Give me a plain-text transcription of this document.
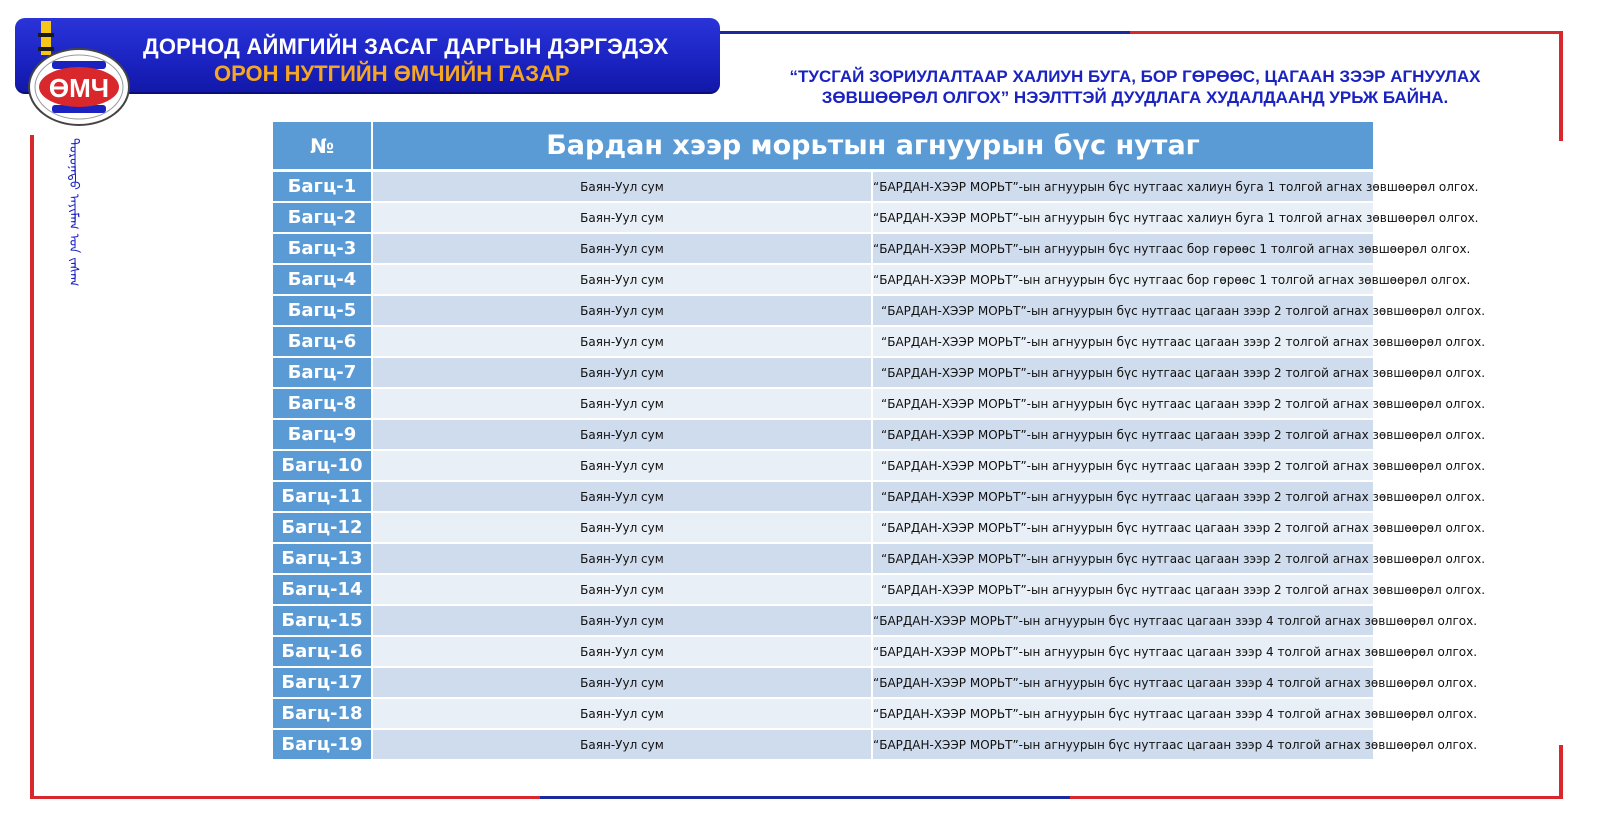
ДОРНОД АЙМГИЙН ЗАСАГ ДАРГЫН ДЭРГЭДЭХ
ОРОН НУТГИЙН ӨМЧИЙН ГАЗАР
ӨМЧ
ᠳᠣᠷᠣᠨᠠᠲᠤ ᠠᠶᠢᠮᠠᠭ ᠤᠨ ᠵᠠᠰᠠᠭ
“ТУСГАЙ ЗОРИУЛАЛТААР ХАЛИУН БУГА, БОР ГӨРӨӨС, ЦАГААН ЗЭЭР АГНУУЛАХ
ЗӨВШӨӨРӨЛ ОЛГОХ” НЭЭЛТТЭЙ ДУУДЛАГА ХУДАЛДААНД УРЬЖ БАЙНА.
№	Бардан хээр морьтын агнуурын бүс нутаг	
Багц-1	Баян-Уул сум	“БАРДАН-ХЭЭР МОРЬТ”-ын агнуурын бүс нутгаас халиун буга 1 толгой агнах зөвшөөрөл олгох.
Багц-2	Баян-Уул сум	“БАРДАН-ХЭЭР МОРЬТ”-ын агнуурын бүс нутгаас халиун буга 1 толгой агнах зөвшөөрөл олгох.
Багц-3	Баян-Уул сум	“БАРДАН-ХЭЭР МОРЬТ”-ын агнуурын бүс нутгаас бор гөрөөс 1 толгой агнах зөвшөөрөл олгох.
Багц-4	Баян-Уул сум	“БАРДАН-ХЭЭР МОРЬТ”-ын агнуурын бүс нутгаас бор гөрөөс 1 толгой агнах зөвшөөрөл олгох.
Багц-5	Баян-Уул сум	“БАРДАН-ХЭЭР МОРЬТ”-ын агнуурын бүс нутгаас цагаан зээр 2 толгой агнах зөвшөөрөл олгох.
Багц-6	Баян-Уул сум	“БАРДАН-ХЭЭР МОРЬТ”-ын агнуурын бүс нутгаас цагаан зээр 2 толгой агнах зөвшөөрөл олгох.
Багц-7	Баян-Уул сум	“БАРДАН-ХЭЭР МОРЬТ”-ын агнуурын бүс нутгаас цагаан зээр 2 толгой агнах зөвшөөрөл олгох.
Багц-8	Баян-Уул сум	“БАРДАН-ХЭЭР МОРЬТ”-ын агнуурын бүс нутгаас цагаан зээр 2 толгой агнах зөвшөөрөл олгох.
Багц-9	Баян-Уул сум	“БАРДАН-ХЭЭР МОРЬТ”-ын агнуурын бүс нутгаас цагаан зээр 2 толгой агнах зөвшөөрөл олгох.
Багц-10	Баян-Уул сум	“БАРДАН-ХЭЭР МОРЬТ”-ын агнуурын бүс нутгаас цагаан зээр 2 толгой агнах зөвшөөрөл олгох.
Багц-11	Баян-Уул сум	“БАРДАН-ХЭЭР МОРЬТ”-ын агнуурын бүс нутгаас цагаан зээр 2 толгой агнах зөвшөөрөл олгох.
Багц-12	Баян-Уул сум	“БАРДАН-ХЭЭР МОРЬТ”-ын агнуурын бүс нутгаас цагаан зээр 2 толгой агнах зөвшөөрөл олгох.
Багц-13	Баян-Уул сум	“БАРДАН-ХЭЭР МОРЬТ”-ын агнуурын бүс нутгаас цагаан зээр 2 толгой агнах зөвшөөрөл олгох.
Багц-14	Баян-Уул сум	“БАРДАН-ХЭЭР МОРЬТ”-ын агнуурын бүс нутгаас цагаан зээр 2 толгой агнах зөвшөөрөл олгох.
Багц-15	Баян-Уул сум	“БАРДАН-ХЭЭР МОРЬТ”-ын агнуурын бүс нутгаас цагаан зээр 4 толгой агнах зөвшөөрөл олгох.
Багц-16	Баян-Уул сум	“БАРДАН-ХЭЭР МОРЬТ”-ын агнуурын бүс нутгаас цагаан зээр 4 толгой агнах зөвшөөрөл олгох.
Багц-17	Баян-Уул сум	“БАРДАН-ХЭЭР МОРЬТ”-ын агнуурын бүс нутгаас цагаан зээр 4 толгой агнах зөвшөөрөл олгох.
Багц-18	Баян-Уул сум	“БАРДАН-ХЭЭР МОРЬТ”-ын агнуурын бүс нутгаас цагаан зээр 4 толгой агнах зөвшөөрөл олгох.
Багц-19	Баян-Уул сум	“БАРДАН-ХЭЭР МОРЬТ”-ын агнуурын бүс нутгаас цагаан зээр 4 толгой агнах зөвшөөрөл олгох.
